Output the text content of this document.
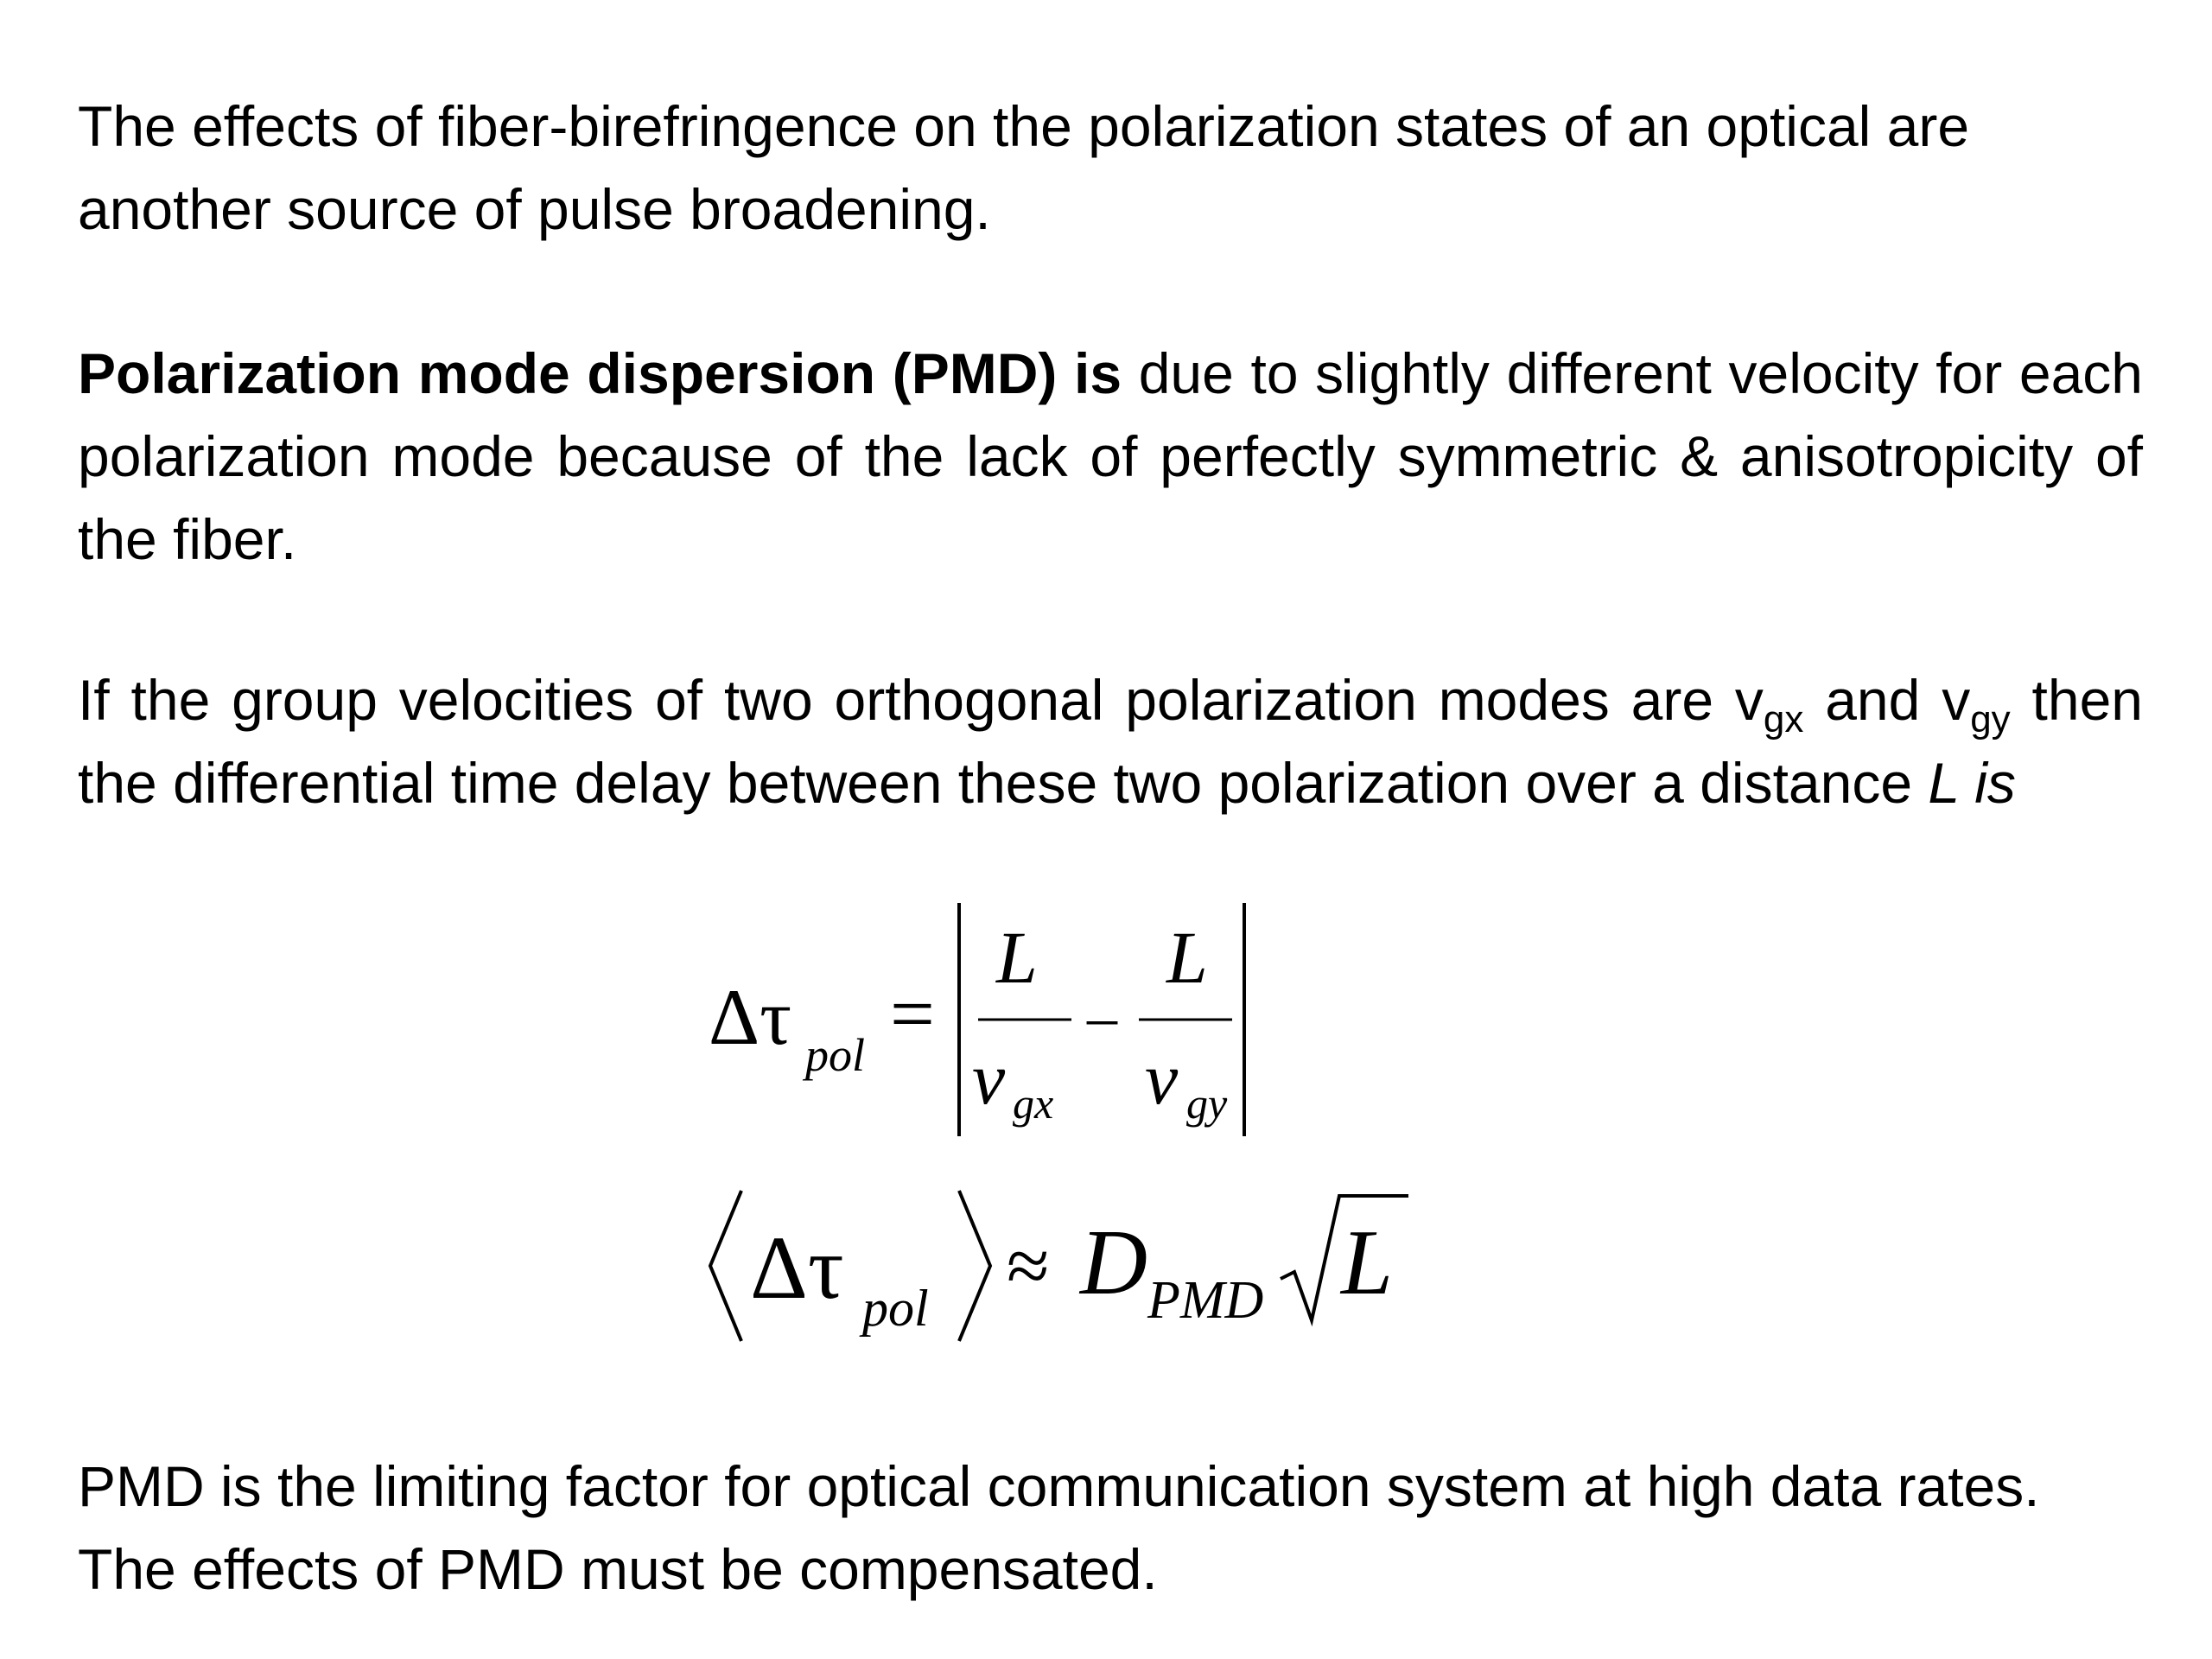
The effects of fiber-birefringence on the polarization states of an optical are another source of pulse broadening.

Polarization mode dispersion (PMD) is due to slightly different velocity for each polarization mode because of the lack of perfectly symmetric & anisotropicity of the fiber.

If the group velocities of two orthogonal polarization modes are $v_{gx}$ and $v_{gy}$ then the differential time delay between these two polarization over a distance L is

Δτ pol =
L
v gx
–
L
v gy
Δτ pol ≈ D PMD L

PMD is the limiting factor for optical communication system at high data rates. The effects of PMD must be compensated.
